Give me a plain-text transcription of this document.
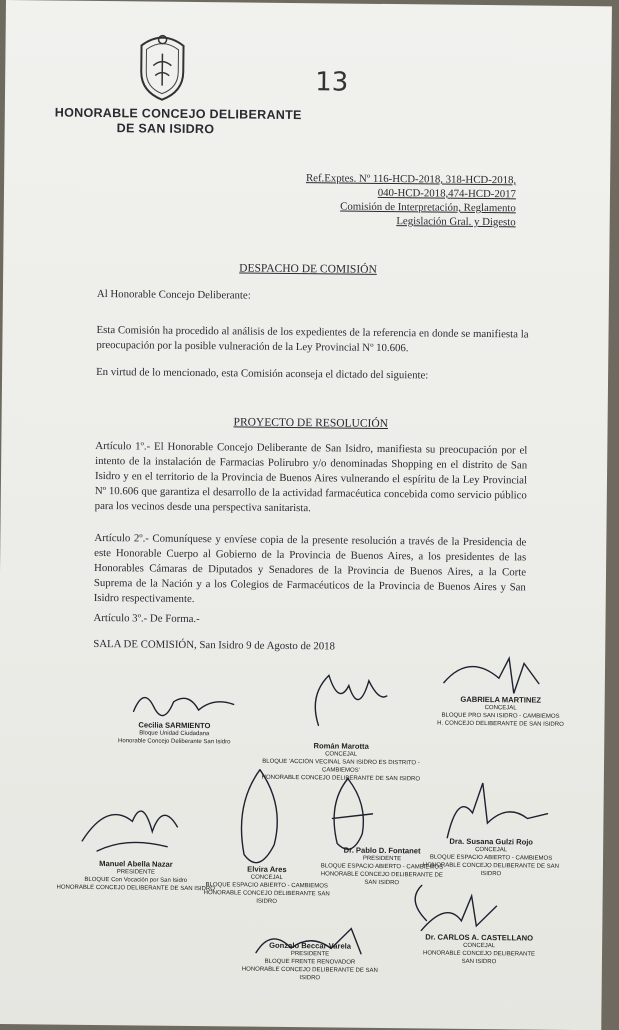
HONORABLE CONCEJO DELIBERANTE
DE SAN ISIDRO
13
Ref.Exptes. Nº 116-HCD-2018, 318-HCD-2018,
040-HCD-2018,474-HCD-2017
Comisión de Interpretación, Reglamento
Legislación Gral. y Digesto
DESPACHO DE COMISIÓN
Al Honorable Concejo Deliberante:
Esta Comisión ha procedido al análisis de los expedientes de la referencia en donde se manifiesta la preocupación por la posible vulneración de la Ley Provincial Nº 10.606.
En virtud de lo mencionado, esta Comisión aconseja el dictado del siguiente:
PROYECTO DE RESOLUCIÓN
Artículo 1º.- El Honorable Concejo Deliberante de San Isidro, manifiesta su preocupación por el intento de la instalación de Farmacias Polirubro y/o denominadas Shopping en el distrito de San Isidro y en el territorio de la Provincia de Buenos Aires vulnerando el espíritu de la Ley Provincial Nº 10.606 que garantiza el desarrollo de la actividad farmacéutica concebida como servicio público para los vecinos desde una perspectiva sanitarista.
Artículo 2º.- Comuníquese y envíese copia de la presente resolución a través de la Presidencia de este Honorable Cuerpo al Gobierno de la Provincia de Buenos Aires, a los presidentes de las Honorables Cámaras de Diputados y Senadores de la Provincia de Buenos Aires, a la Corte Suprema de la Nación y a los Colegios de Farmacéuticos de la Provincia de Buenos Aires y San Isidro respectivamente.
Artículo 3º.- De Forma.-
SALA DE COMISIÓN, San Isidro 9 de Agosto de 2018
Cecilia SARMIENTO
Bloque Unidad Ciudadana
Honorable Concejo Deliberante San Isidro	Román Marotta
CONCEJAL
BLOQUE 'ACCIÓN VECINAL SAN ISIDRO ES DISTRITO - CAMBIEMOS'
HONORABLE CONCEJO DELIBERANTE DE SAN ISIDRO
GABRIELA MARTINEZ
CONCEJAL
BLOQUE PRO SAN ISIDRO - CAMBIEMOS
H. CONCEJO DELIBERANTE DE SAN ISIDRO
Manuel Abella Nazar
PRESIDENTE
BLOQUE Con Vocación por San Isidro
HONORABLE CONCEJO DELIBERANTE DE SAN ISIDRO
Elvira Ares
CONCEJAL
BLOQUE ESPACIO ABIERTO - CAMBIEMOS
HONORABLE CONCEJO DELIBERANTE SAN ISIDRO
Dr. Pablo D. Fontanet
PRESIDENTE
BLOQUE ESPACIO ABIERTO - CAMBIEMOS
HONORABLE CONCEJO DELIBERANTE DE SAN ISIDRO
Dra. Susana Gulzi Rojo
CONCEJAL
BLOQUE ESPACIO ABIERTO - CAMBIEMOS
HONORABLE CONCEJO DELIBERANTE DE SAN ISIDRO
Dr. CARLOS A. CASTELLANO
CONCEJAL
HONORABLE CONCEJO DELIBERANTE
SAN ISIDRO
Gonzalo Beccar Varela
PRESIDENTE
BLOQUE FRENTE RENOVADOR
HONORABLE CONCEJO DELIBERANTE DE SAN ISIDRO
